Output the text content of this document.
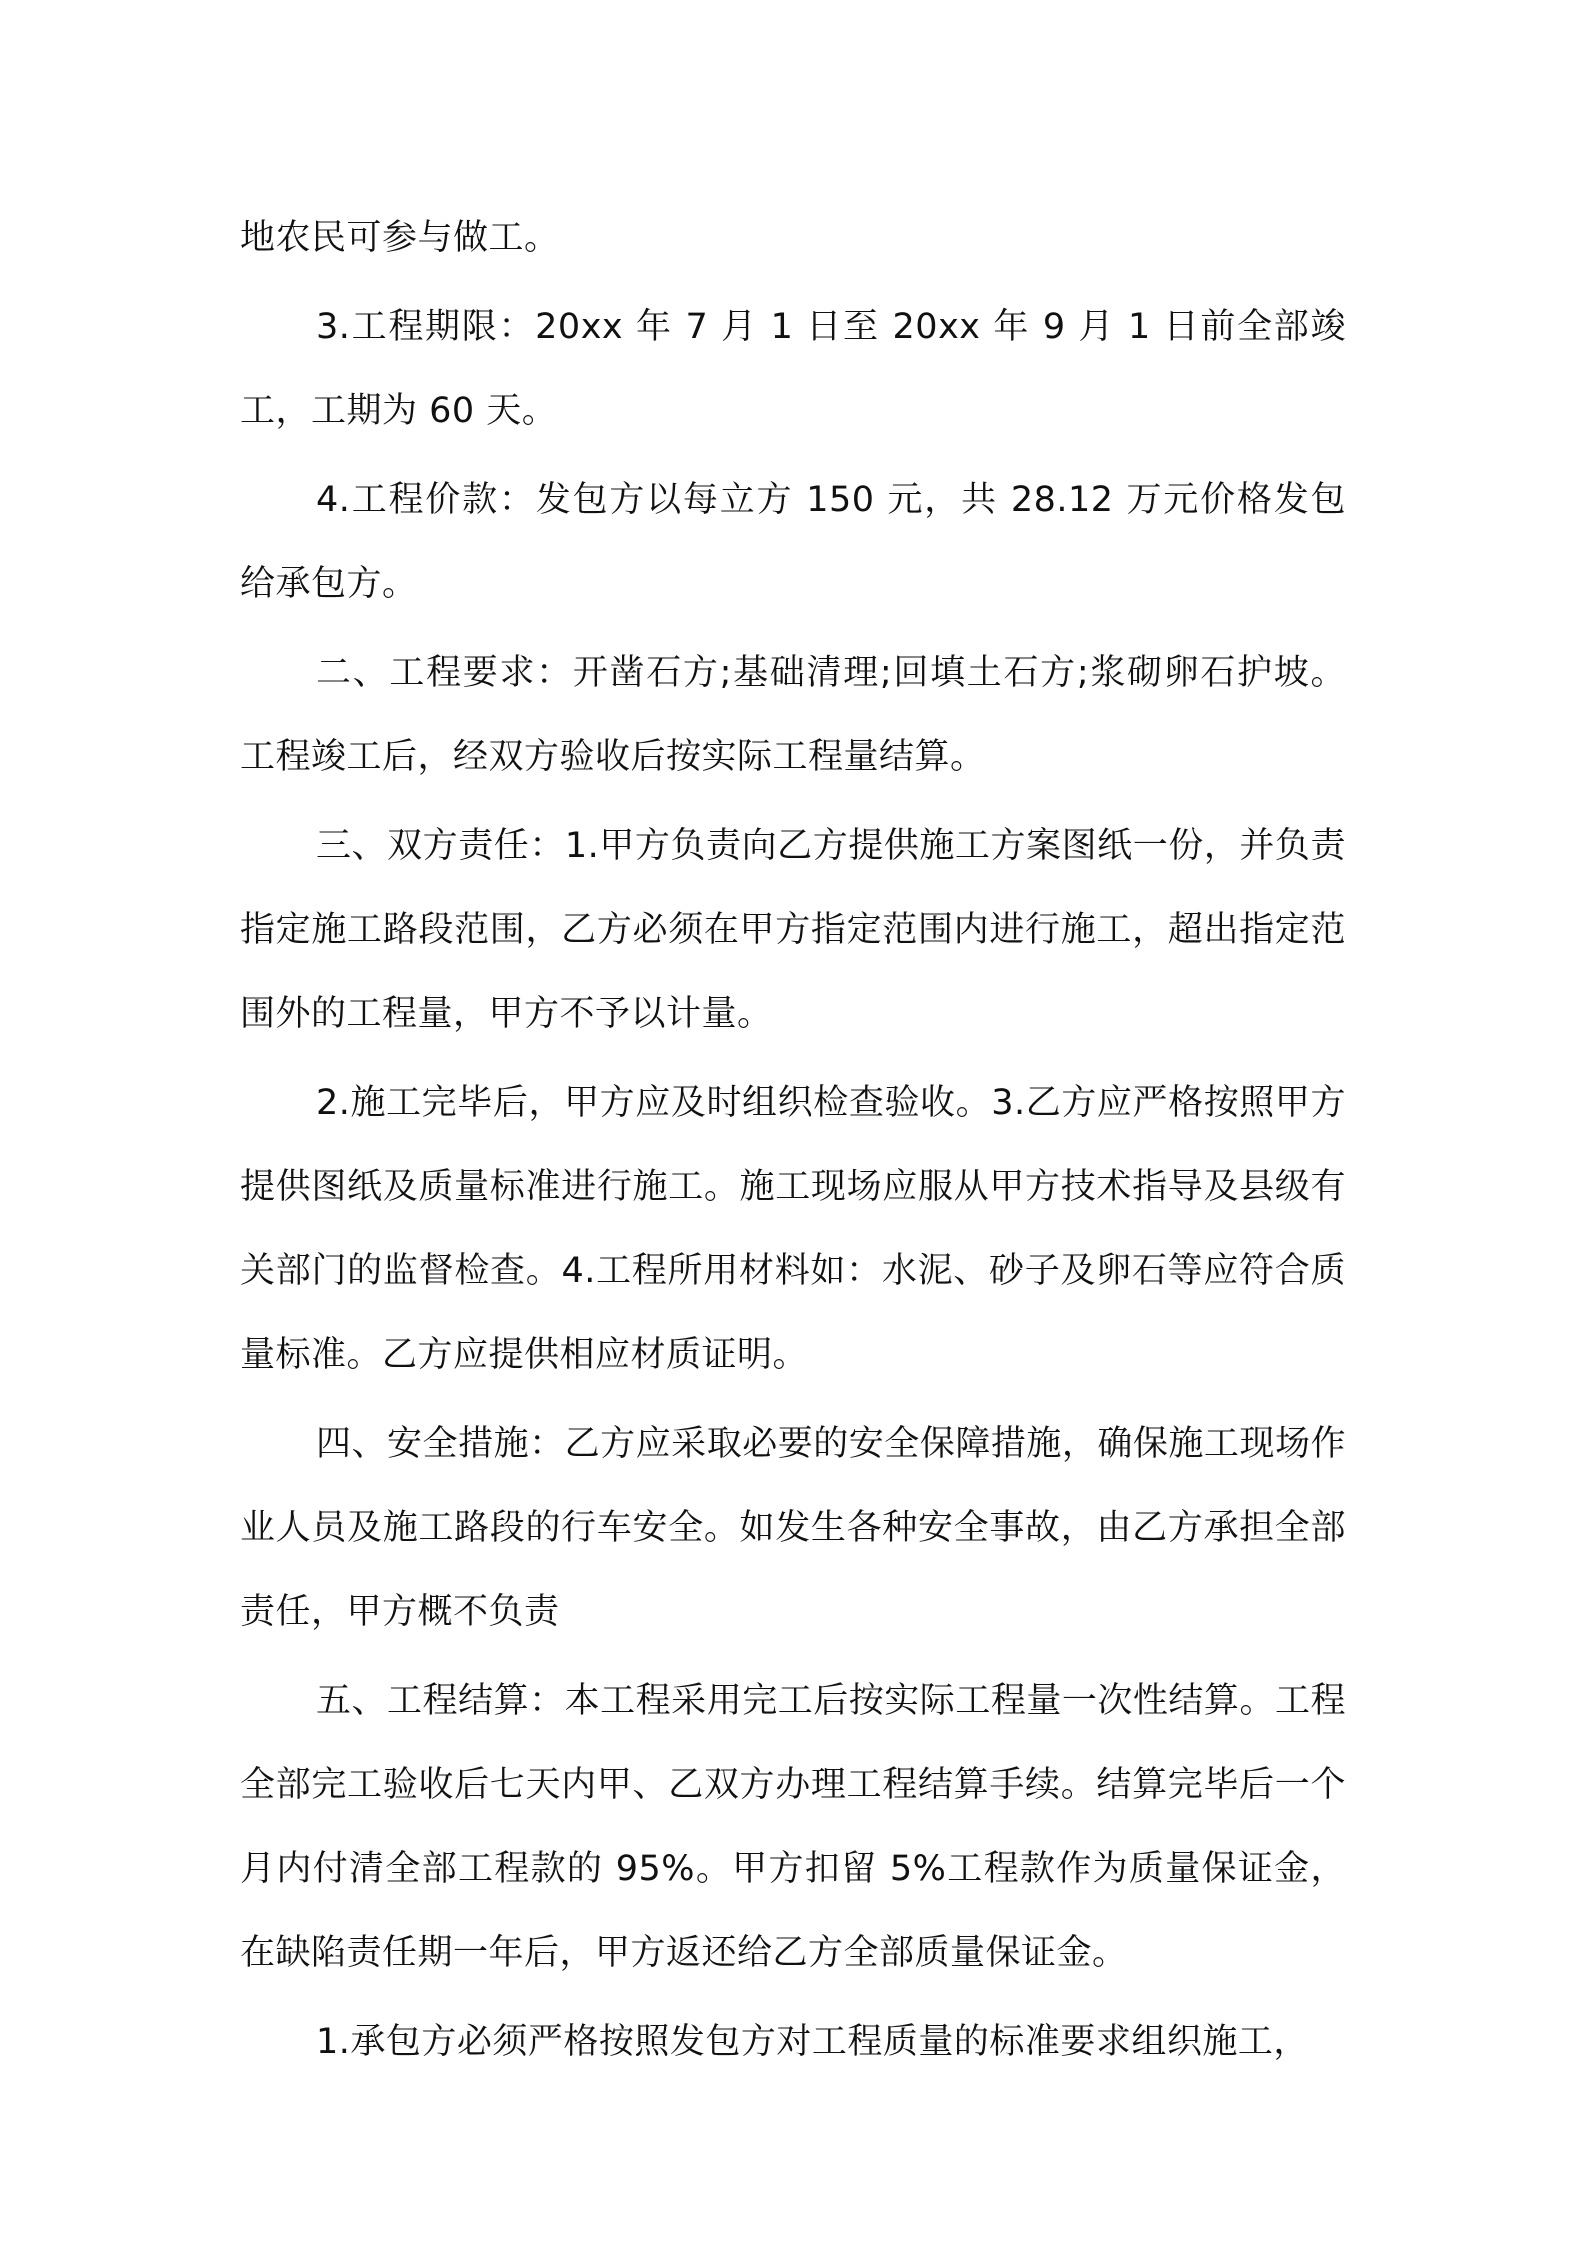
地农民可参与做工。

3.工程期限：20xx 年 7 月 1 日至 20xx 年 9 月 1 日前全部竣工，工期为 60 天。

4.工程价款：发包方以每立方 150 元，共 28.12 万元价格发包给承包方。

二、工程要求：开凿石方;基础清理;回填土石方;浆砌卵石护坡。工程竣工后，经双方验收后按实际工程量结算。

三、双方责任：1.甲方负责向乙方提供施工方案图纸一份，并负责指定施工路段范围，乙方必须在甲方指定范围内进行施工，超出指定范围外的工程量，甲方不予以计量。

2.施工完毕后，甲方应及时组织检查验收。3.乙方应严格按照甲方提供图纸及质量标准进行施工。施工现场应服从甲方技术指导及县级有关部门的监督检查。4.工程所用材料如：水泥、砂子及卵石等应符合质量标准。乙方应提供相应材质证明。

四、安全措施：乙方应采取必要的安全保障措施，确保施工现场作业人员及施工路段的行车安全。如发生各种安全事故，由乙方承担全部责任，甲方概不负责

五、工程结算：本工程采用完工后按实际工程量一次性结算。工程全部完工验收后七天内甲、乙双方办理工程结算手续。结算完毕后一个月内付清全部工程款的 95%。甲方扣留 5%工程款作为质量保证金，在缺陷责任期一年后，甲方返还给乙方全部质量保证金。

1.承包方必须严格按照发包方对工程质量的标准要求组织施工，
